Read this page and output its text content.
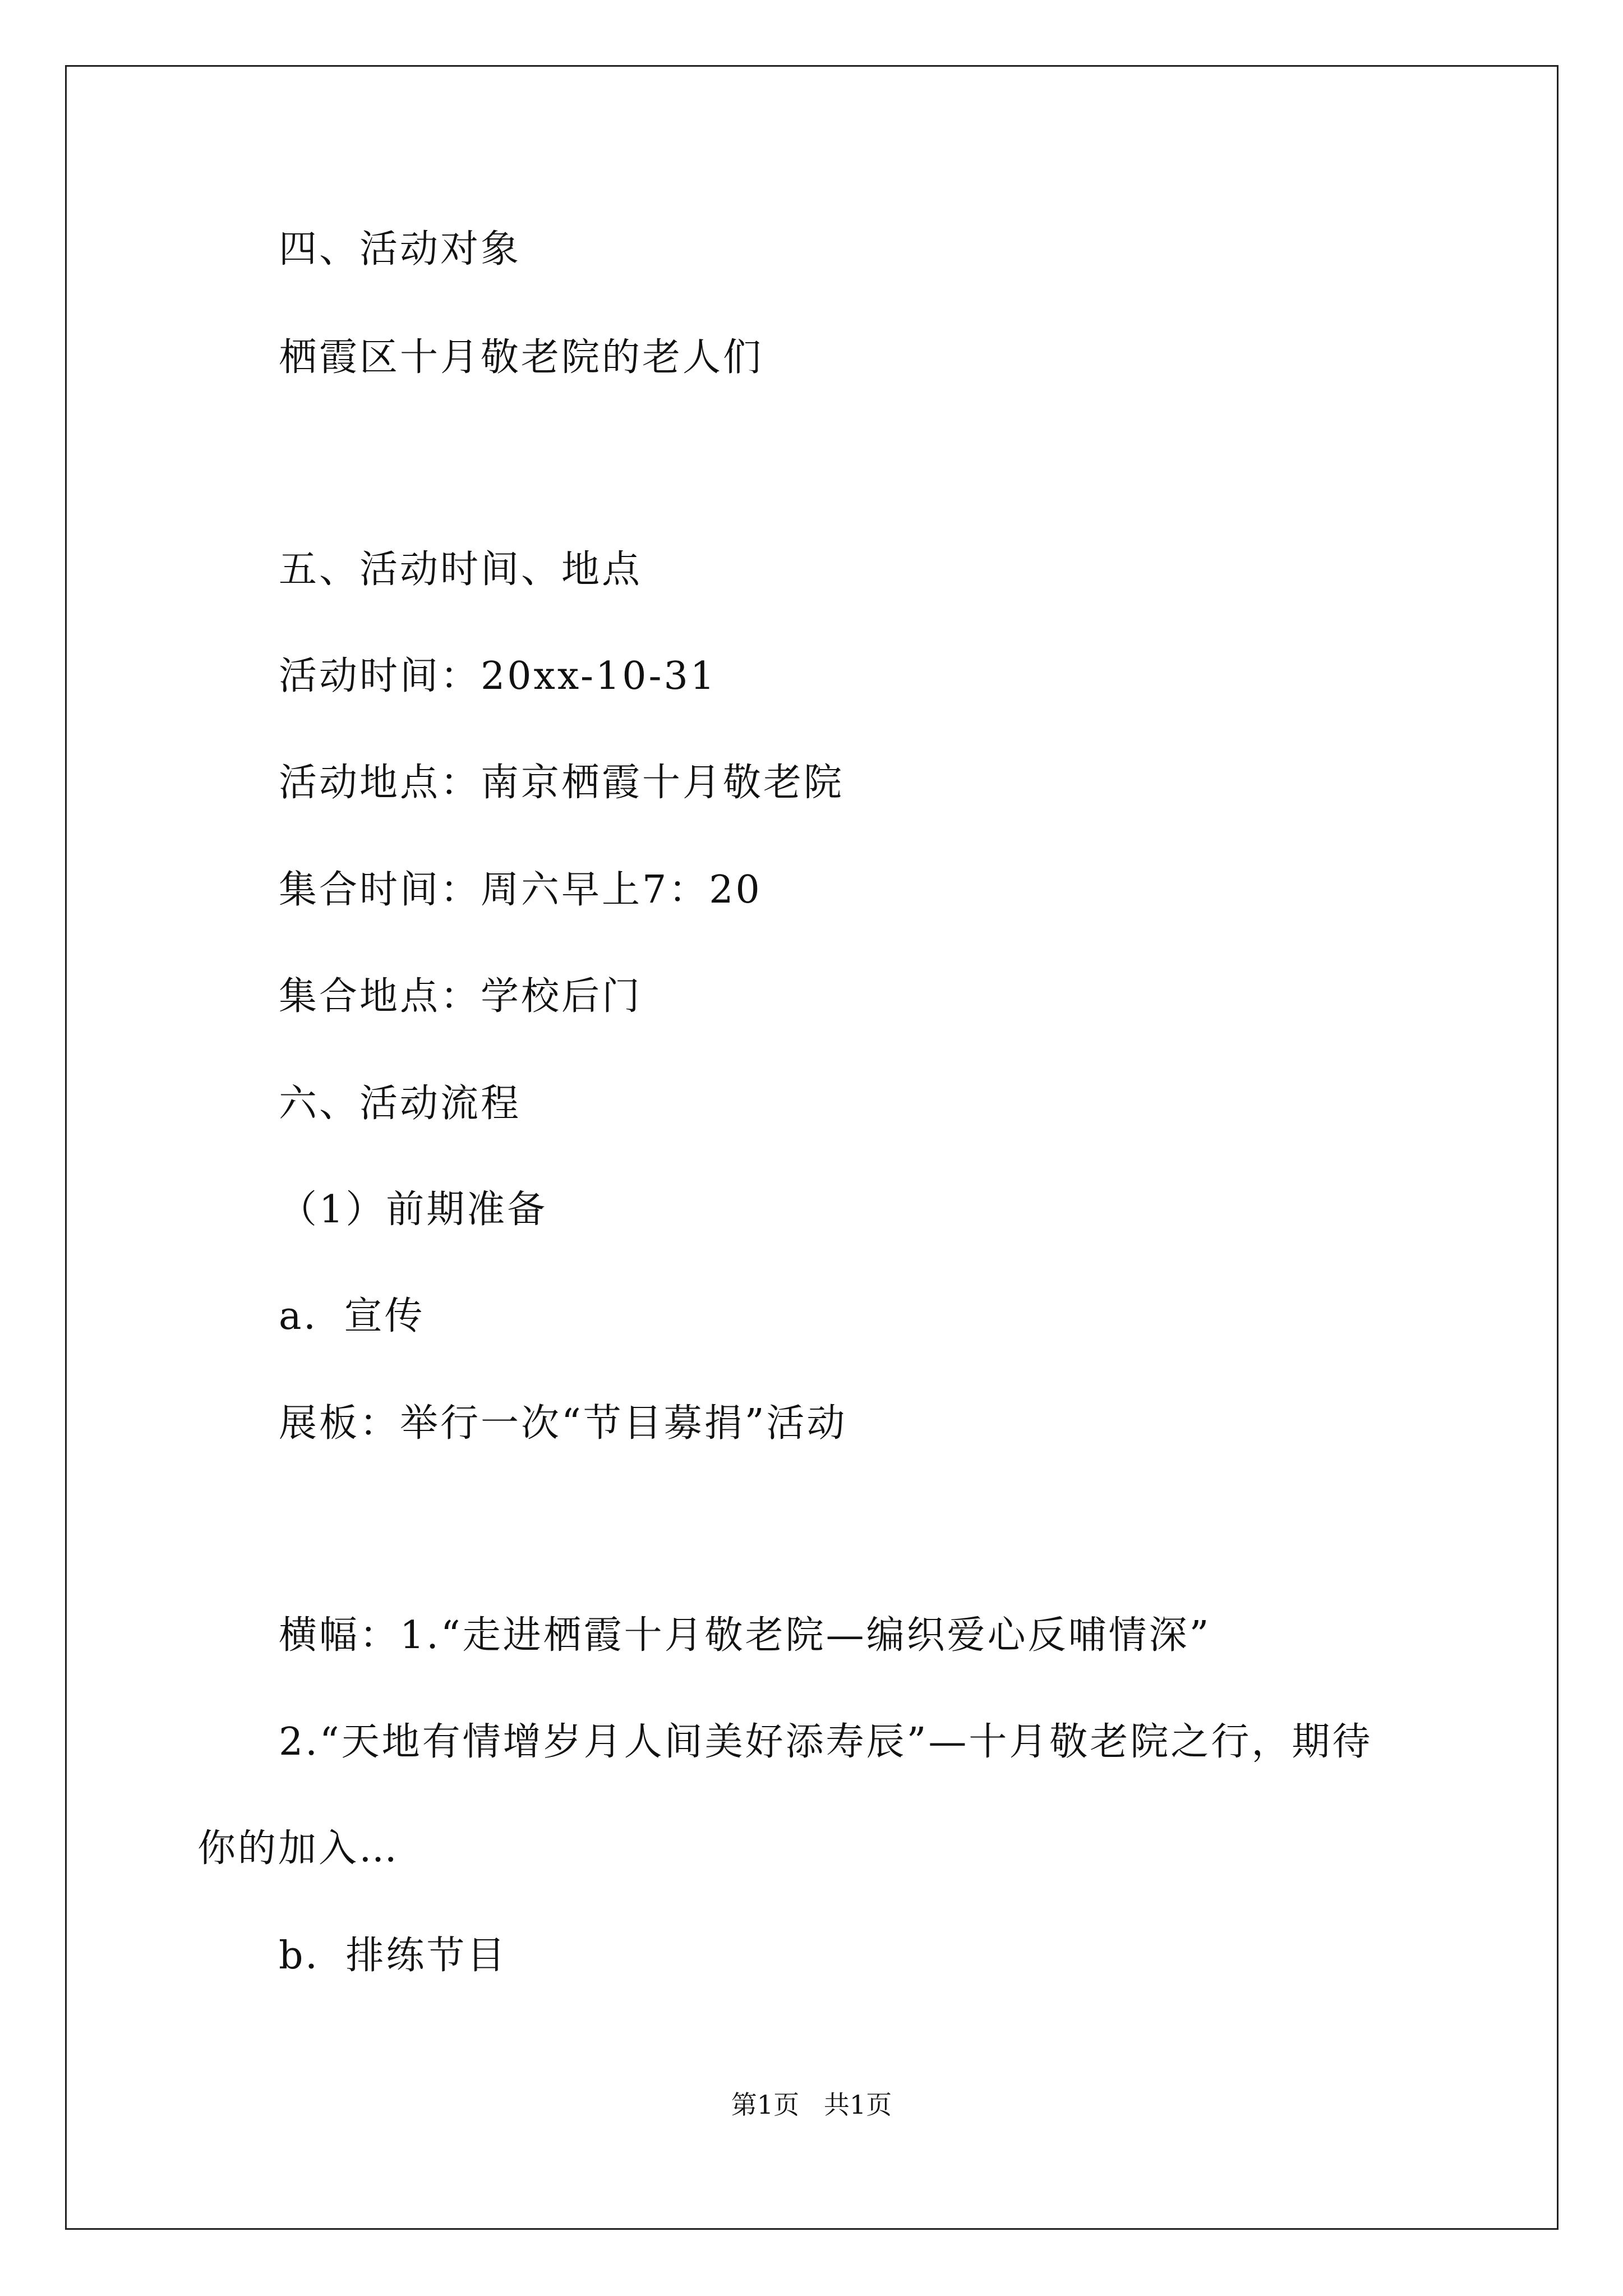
四、活动对象
栖霞区十月敬老院的老人们
五、活动时间、地点
活动时间：20xx-10-31
活动地点：南京栖霞十月敬老院
集合时间：周六早上7：20
集合地点：学校后门
六、活动流程
（1）前期准备
a．宣传
展板：举行一次“节目募捐”活动
横幅：1.“走进栖霞十月敬老院—编织爱心反哺情深”
2.“天地有情增岁月人间美好添寿辰”—十月敬老院之行，期待
你的加入…
b．排练节目
第1页   共1页
